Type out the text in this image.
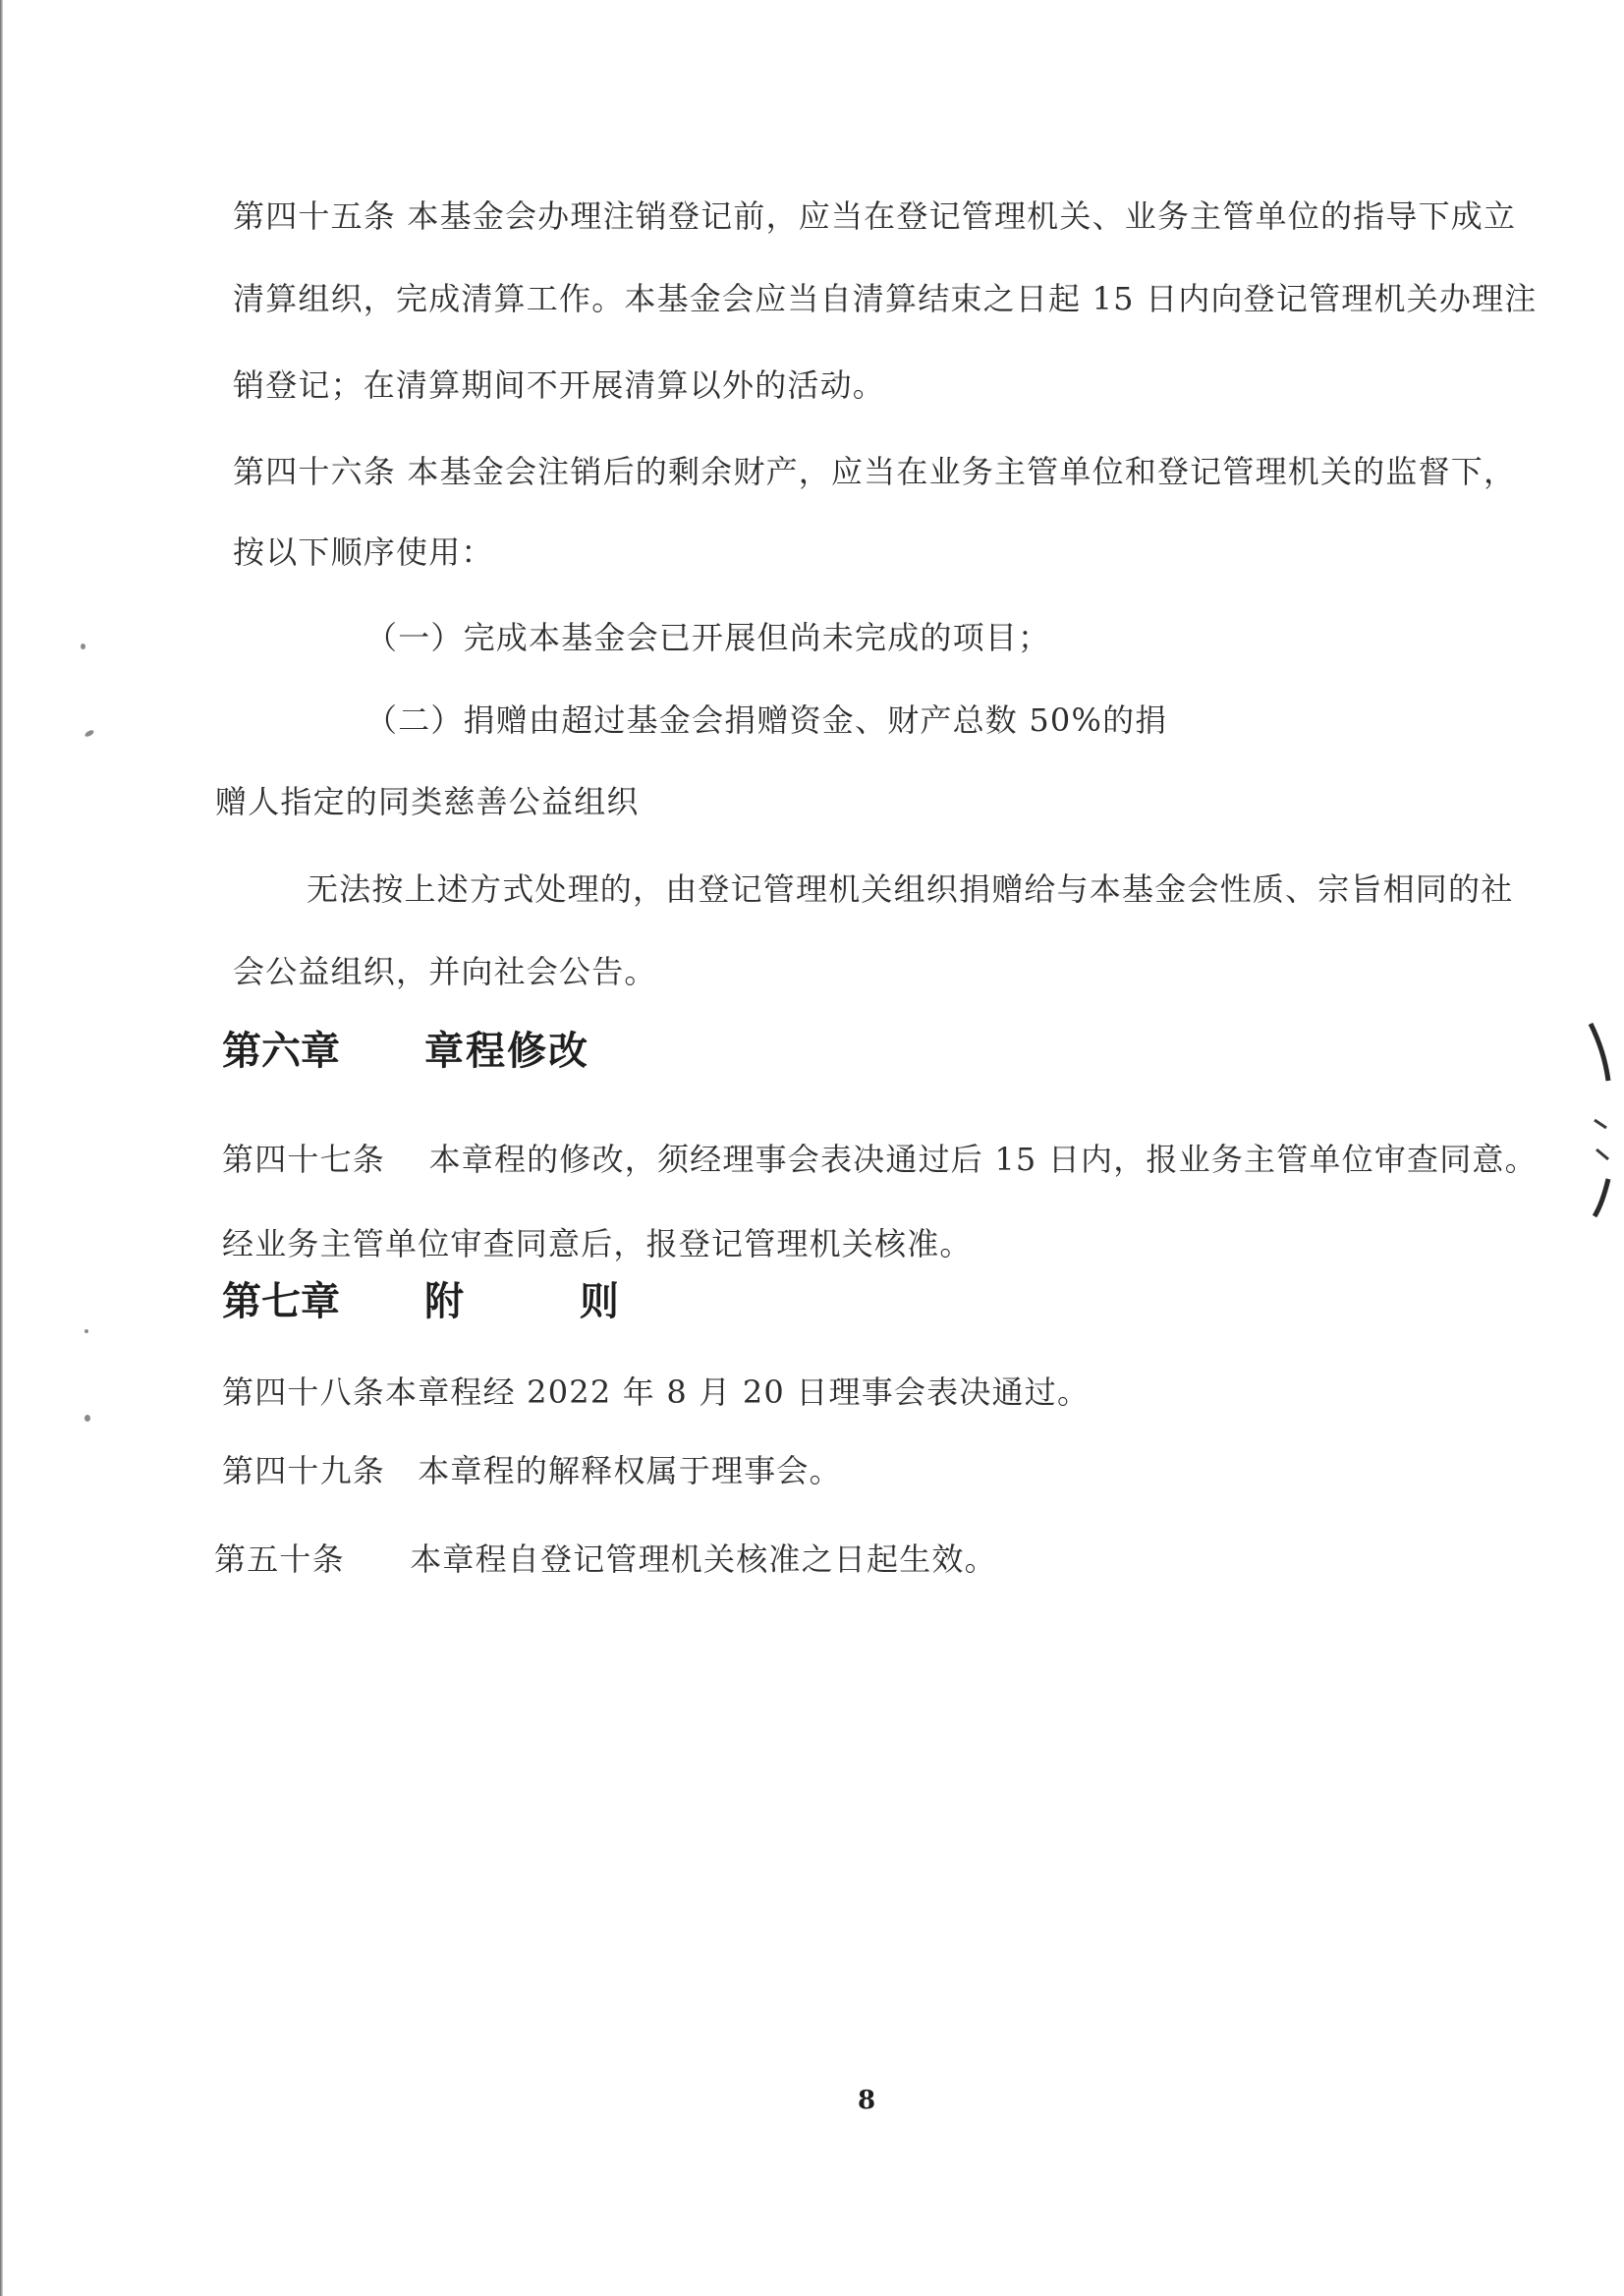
第四十五条 本基金会办理注销登记前，应当在登记管理机关、业务主管单位的指导下成立
清算组织，完成清算工作。本基金会应当自清算结束之日起 15 日内向登记管理机关办理注
销登记；在清算期间不开展清算以外的活动。
第四十六条 本基金会注销后的剩余财产，应当在业务主管单位和登记管理机关的监督下，
按以下顺序使用：
（一）完成本基金会已开展但尚未完成的项目；
（二）捐赠由超过基金会捐赠资金、财产总数 50%的捐
赠人指定的同类慈善公益组织
无法按上述方式处理的，由登记管理机关组织捐赠给与本基金会性质、宗旨相同的社
会公益组织，并向社会公告。
第六章 章程修改
第四十七条　 本章程的修改，须经理事会表决通过后 15 日内，报业务主管单位审查同意。
经业务主管单位审查同意后，报登记管理机关核准。
第七章 附 则
第四十八条本章程经 2022 年 8 月 20 日理事会表决通过。
第四十九条　本章程的解释权属于理事会。
第五十条　　本章程自登记管理机关核准之日起生效。
8
